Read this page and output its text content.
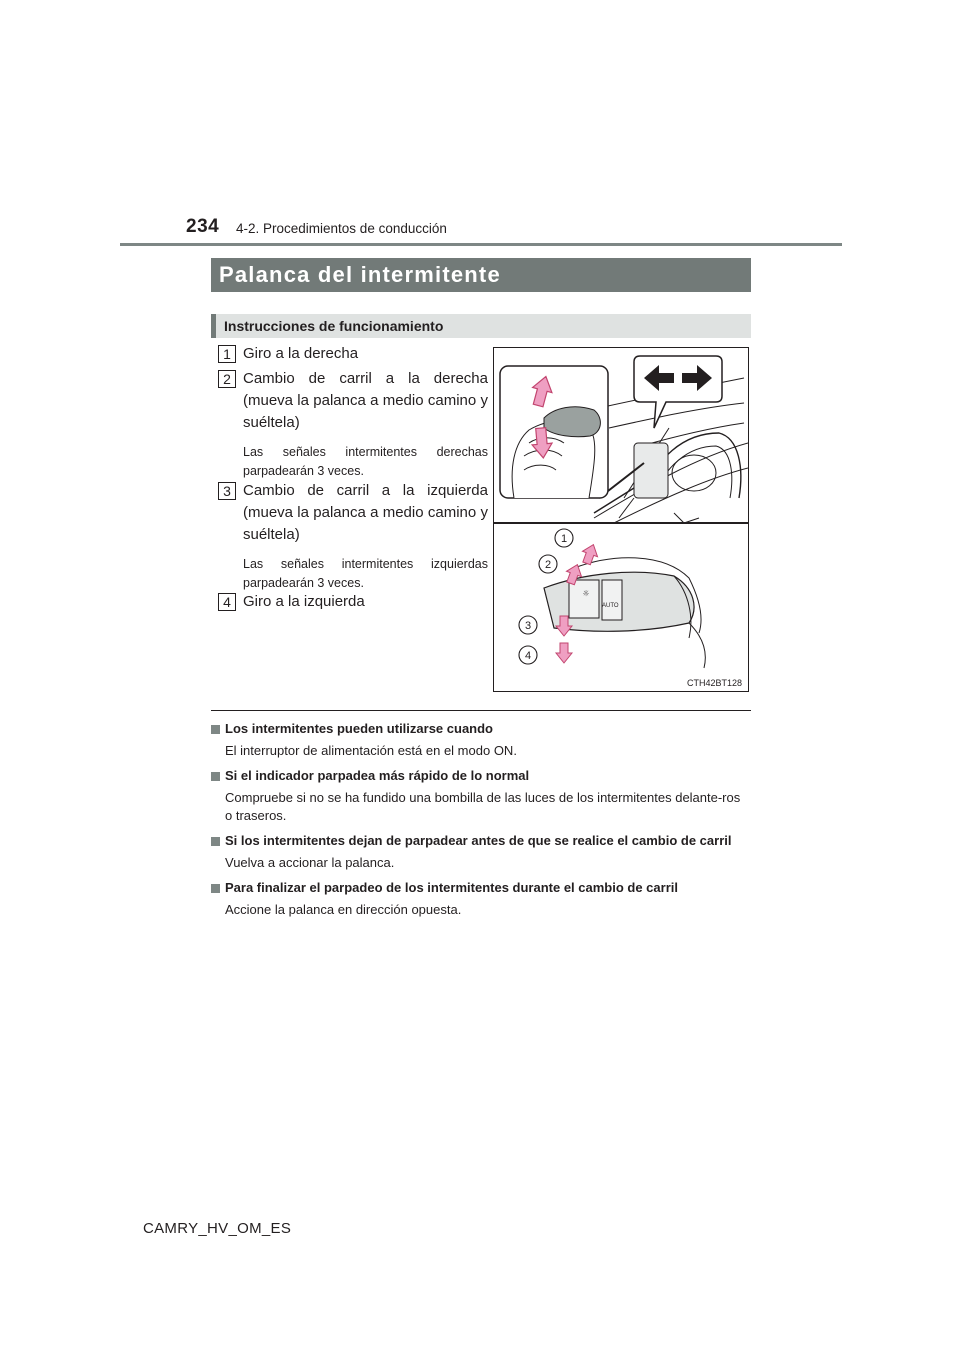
234 4-2. Procedimientos de conducción
Palanca del intermitente
Instrucciones de funcionamiento
1 Giro a la derecha
2 Cambio de carril a la derecha (mueva la palanca a medio camino y suéltela)
Las señales intermitentes derechas parpadearán 3 veces.
3 Cambio de carril a la izquierda (mueva la palanca a medio camino y suéltela)
Las señales intermitentes izquierdas parpadearán 3 veces.
4 Giro a la izquierda	☼
AUTO
1
2
3
4
CTH42BT128
Los intermitentes pueden utilizarse cuando
El interruptor de alimentación está en el modo ON.
Si el indicador parpadea más rápido de lo normal
Compruebe si no se ha fundido una bombilla de las luces de los intermitentes delante-ros o traseros.
Si los intermitentes dejan de parpadear antes de que se realice el cambio de carril
Vuelva a accionar la palanca.
Para finalizar el parpadeo de los intermitentes durante el cambio de carril
Accione la palanca en dirección opuesta.
CAMRY_HV_OM_ES
